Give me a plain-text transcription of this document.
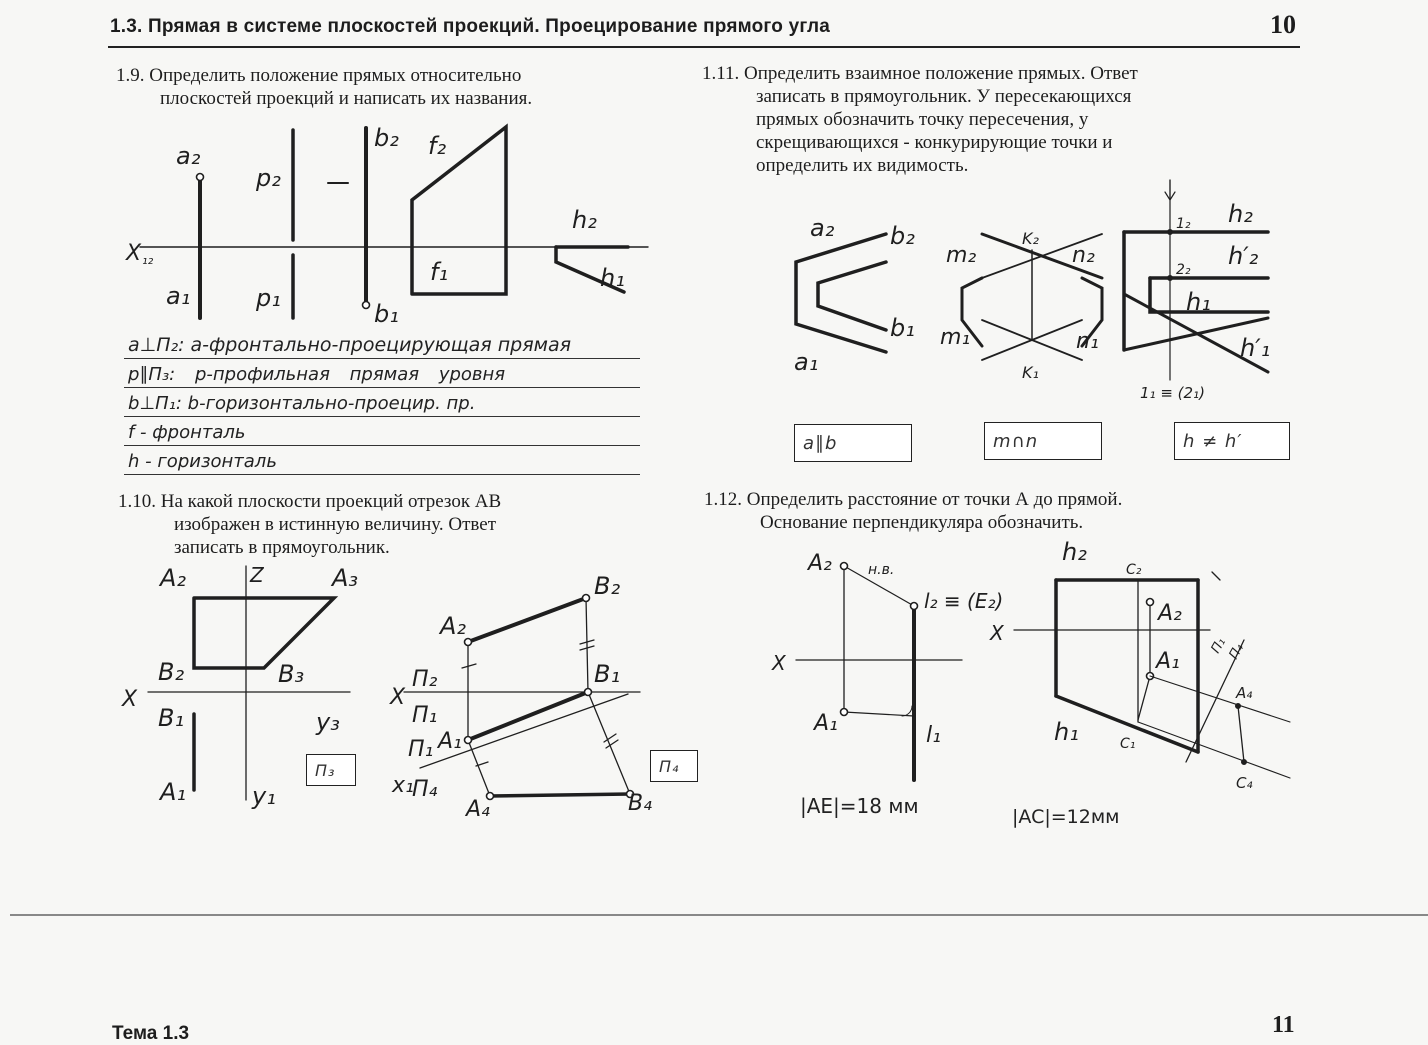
1.3. Прямая в системе плоскостей проекций. Проецирование прямого угла	10
1.9. Определить положение прямых относительно
плоскостей проекций и написать их названия.
1.11. Определить взаимное положение прямых. Ответ
записать в прямоугольник. У пересекающихся
прямых обозначить точку пересечения, у
скрещивающихся - конкурирующие точки и
определить их видимость.
1.10. На какой плоскости проекций отрезок АВ
изображен в истинную величину. Ответ
записать в прямоугольник.
1.12. Определить расстояние от точки А до прямой.
Основание перпендикуляра обозначить.
a⊥П₂: a-фронтально-проецирующая прямая
p∥П₃: p-профильная прямая уровня
b⊥П₁: b-горизонтально-проецир. пр.
f - фронталь
h - горизонталь
a∥b	m∩n	h ≠ h′
П₃	П₄
|AE|=18 мм	|AC|=12мм
Тема 1.3	11
a₂
a₁
p₂
p₁
b₂
b₁
f₂
f₁
h₂
h₁
X ₁₂
a₂ b₂
b₁
a₁
m₂	n₂
m₁	n₁
K₂
K₁
h₂
h′₂
h₁
h′₁
1₂
2₂
1₁ ≡ (2₁)
A₂	Z	A₃
B₂	B₃
X
B₁	y₃
A₁	y₁
B₂
A₂
X
П₂
П₁
B₁
A₁
П₁
x₁
П₄
A₄	B₄
A₂	н.в.
l₂ ≡ (E₂)
X
A₁	l₁
h₂
C₂
A₂
X
A₁
h₁	C₁
П₁
П₄
A₄
C₄
